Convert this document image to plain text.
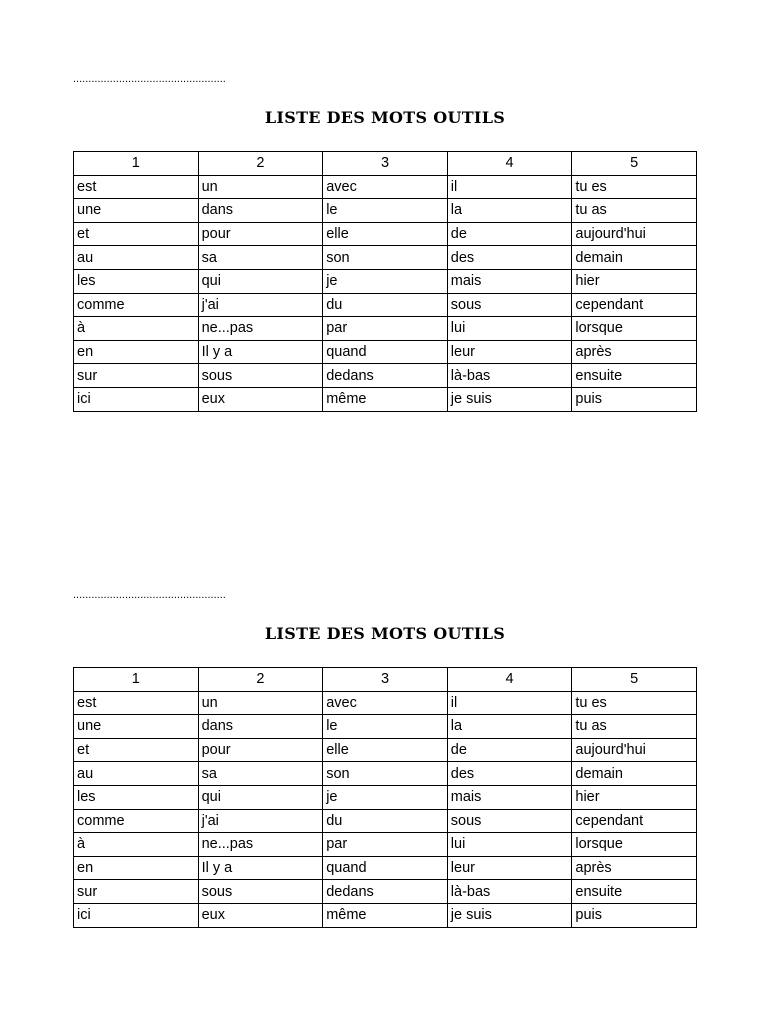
..................................................
LISTE DES MOTS OUTILS
1	2	3	4	5
est	un	avec	il	tu es
une	dans	le	la	tu as
et	pour	elle	de	aujourd'hui
au	sa	son	des	demain
les	qui	je	mais	hier
comme	j'ai	du	sous	cependant
à	ne...pas	par	lui	lorsque
en	Il y a	quand	leur	après
sur	sous	dedans	là-bas	ensuite
ici	eux	même	je suis	puis
..................................................
LISTE DES MOTS OUTILS
1	2	3	4	5
est	un	avec	il	tu es
une	dans	le	la	tu as
et	pour	elle	de	aujourd'hui
au	sa	son	des	demain
les	qui	je	mais	hier
comme	j'ai	du	sous	cependant
à	ne...pas	par	lui	lorsque
en	Il y a	quand	leur	après
sur	sous	dedans	là-bas	ensuite
ici	eux	même	je suis	puis
